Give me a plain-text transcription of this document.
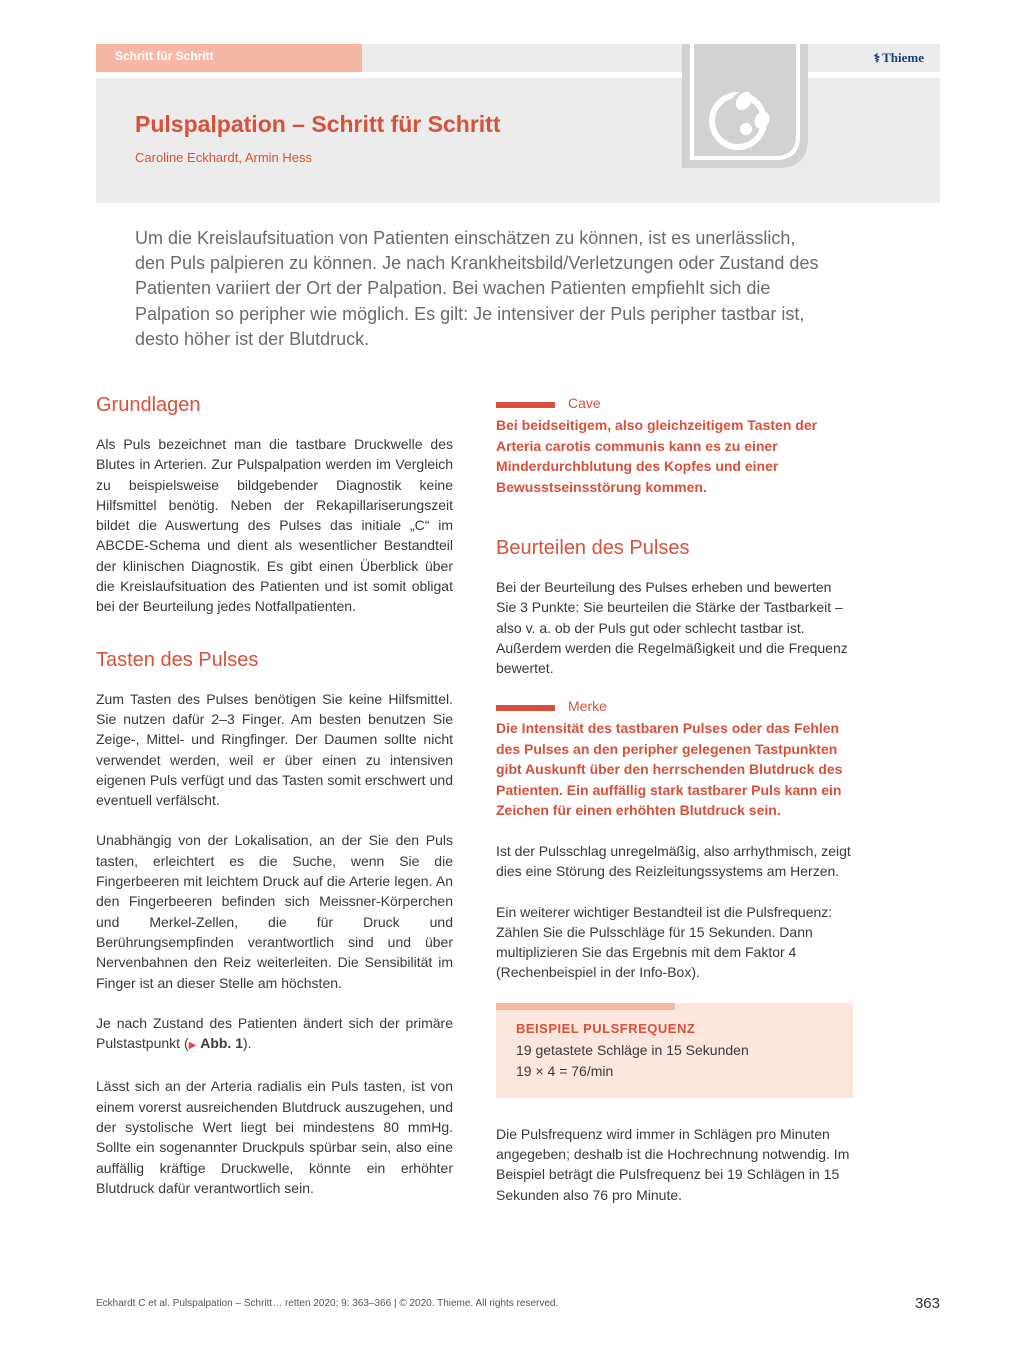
Schritt für Schritt	⚕ Thieme
Pulspalpation – Schritt für Schritt
Caroline Eckhardt, Armin Hess

Um die Kreislaufsituation von Patienten einschätzen zu können, ist es unerlässlich, den Puls palpieren zu können. Je nach Krankheitsbild/Verletzungen oder Zustand des Patienten variiert der Ort der Palpation. Bei wachen Patienten empfiehlt sich die Palpation so peripher wie möglich. Es gilt: Je intensiver der Puls peripher tastbar ist, desto höher ist der Blutdruck.

Grundlagen

Als Puls bezeichnet man die tastbare Druckwelle des Blutes in Arterien. Zur Pulspalpation werden im Vergleich zu beispielsweise bildgebender Diagnostik keine Hilfsmittel benötig. Neben der Rekapillariserungszeit bildet die Auswertung des Pulses das initiale „C“ im ABCDE-Schema und dient als wesentlicher Bestandteil der klinischen Diagnostik. Es gibt einen Überblick über die Kreislaufsituation des Patienten und ist somit obligat bei der Beurteilung jedes Notfallpatienten.

Tasten des Pulses

Zum Tasten des Pulses benötigen Sie keine Hilfsmittel. Sie nutzen dafür 2–3 Finger. Am besten benutzen Sie Zeige-, Mittel- und Ringfinger. Der Daumen sollte nicht verwendet werden, weil er über einen zu intensiven eigenen Puls verfügt und das Tasten somit erschwert und eventuell verfälscht.

Unabhängig von der Lokalisation, an der Sie den Puls tasten, erleichtert es die Suche, wenn Sie die Fingerbeeren mit leichtem Druck auf die Arterie legen. An den Fingerbeeren befinden sich Meissner-Körperchen und Merkel-Zellen, die für Druck und Berührungsempfinden verantwortlich sind und über Nervenbahnen den Reiz weiterleiten. Die Sensibilität im Finger ist an dieser Stelle am höchsten.

Je nach Zustand des Patienten ändert sich der primäre Pulstastpunkt (▶ Abb. 1).

Lässt sich an der Arteria radialis ein Puls tasten, ist von einem vorerst ausreichenden Blutdruck auszugehen, und der systolische Wert liegt bei mindestens 80 mmHg. Sollte ein sogenannter Druckpuls spürbar sein, also eine auffällig kräftige Druckwelle, könnte ein erhöhter Blutdruck dafür verantwortlich sein.

Cave

Bei beidseitigem, also gleichzeitigem Tasten der Arteria carotis communis kann es zu einer Minderdurchblutung des Kopfes und einer Bewusstseinsstörung kommen.

Beurteilen des Pulses

Bei der Beurteilung des Pulses erheben und bewerten Sie 3 Punkte: Sie beurteilen die Stärke der Tastbarkeit – also v. a. ob der Puls gut oder schlecht tastbar ist. Außerdem werden die Regelmäßigkeit und die Frequenz bewertet.

Merke

Die Intensität des tastbaren Pulses oder das Fehlen des Pulses an den peripher gelegenen Tastpunkten gibt Auskunft über den herrschenden Blutdruck des Patienten. Ein auffällig stark tastbarer Puls kann ein Zeichen für einen erhöhten Blutdruck sein.

Ist der Pulsschlag unregelmäßig, also arrhythmisch, zeigt dies eine Störung des Reizleitungssystems am Herzen.

Ein weiterer wichtiger Bestandteil ist die Pulsfrequenz: Zählen Sie die Pulsschläge für 15 Sekunden. Dann multiplizieren Sie das Ergebnis mit dem Faktor 4 (Rechenbeispiel in der Info-Box).

BEISPIEL PULSFREQUENZ
19 getastete Schläge in 15 Sekunden
19 × 4 = 76/min

Die Pulsfrequenz wird immer in Schlägen pro Minuten angegeben; deshalb ist die Hochrechnung notwendig. Im Beispiel beträgt die Pulsfrequenz bei 19 Schlägen in 15 Sekunden also 76 pro Minute.

Eckhardt C et al. Pulspalpation – Schritt… retten 2020; 9: 363–366 | © 2020. Thieme. All rights reserved.	363
